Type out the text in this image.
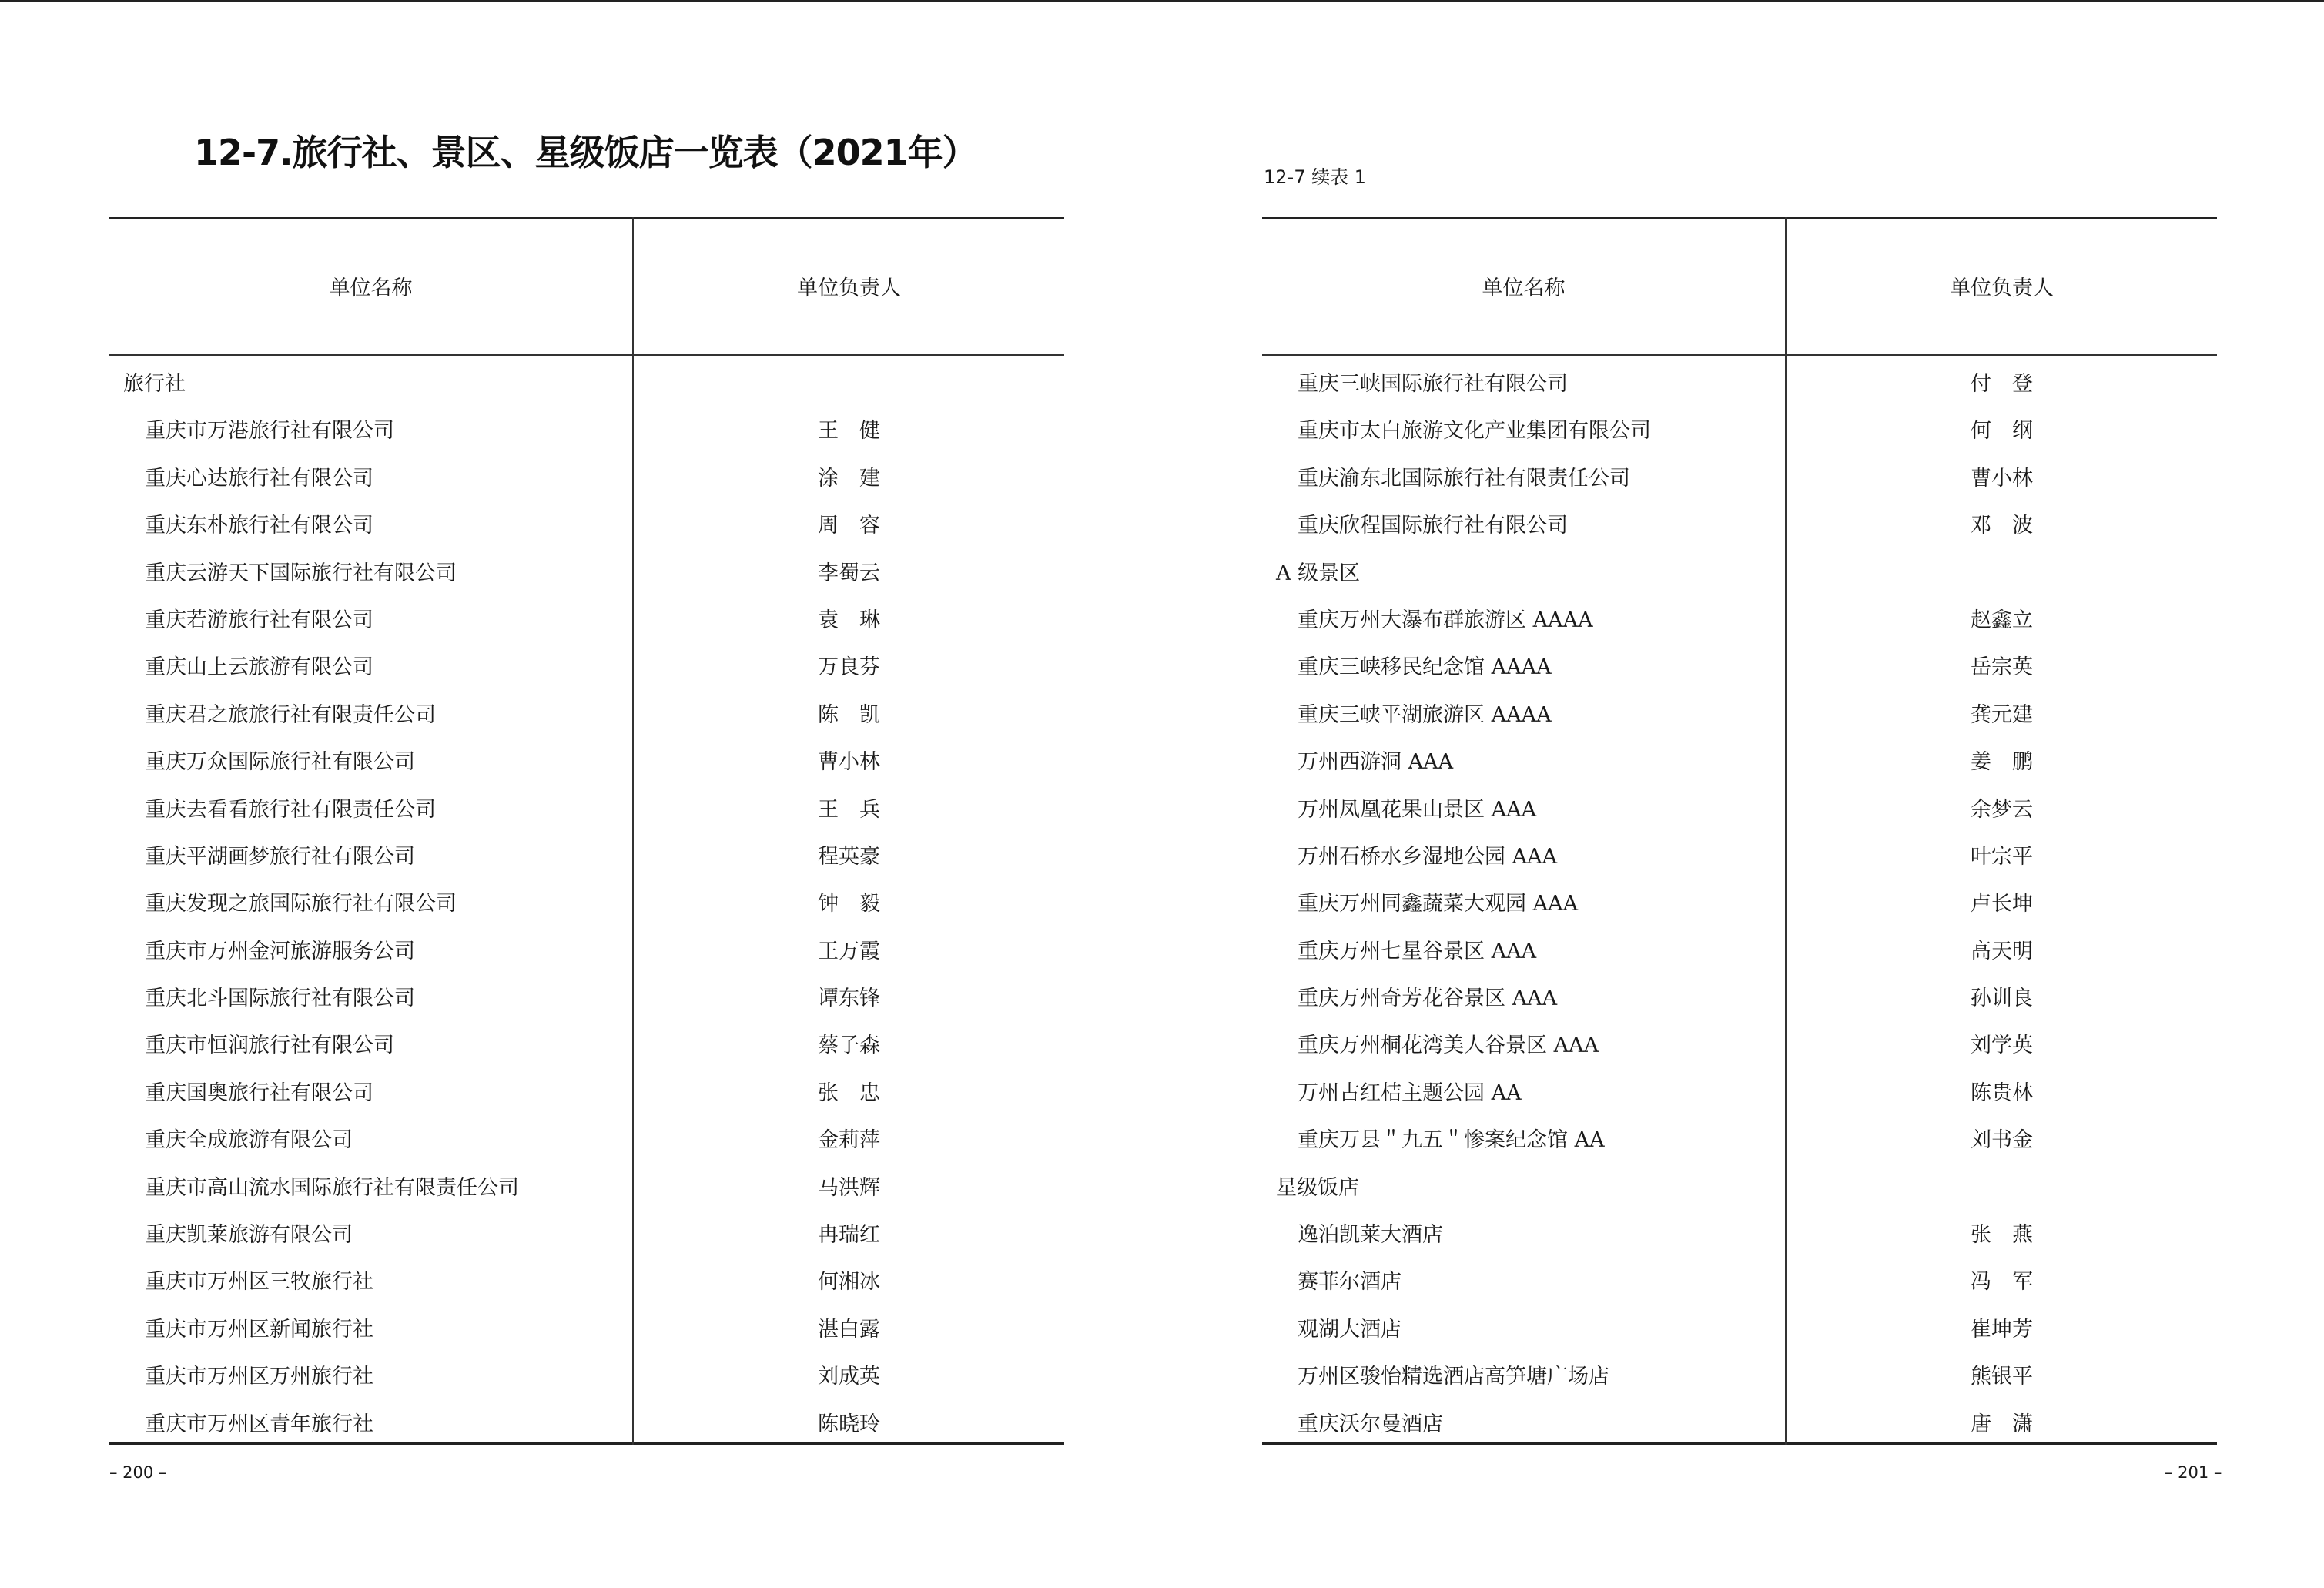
12-7.旅行社、景区、星级饭店一览表（2021年）
单位名称	单位负责人
旅行社
重庆市万港旅行社有限公司	王　健
重庆心达旅行社有限公司	涂　建
重庆东朴旅行社有限公司	周　容
重庆云游天下国际旅行社有限公司	李蜀云
重庆若游旅行社有限公司	袁　琳
重庆山上云旅游有限公司	万良芬
重庆君之旅旅行社有限责任公司	陈　凯
重庆万众国际旅行社有限公司	曹小林
重庆去看看旅行社有限责任公司	王　兵
重庆平湖画梦旅行社有限公司	程英豪
重庆发现之旅国际旅行社有限公司	钟　毅
重庆市万州金河旅游服务公司	王万霞
重庆北斗国际旅行社有限公司	谭东锋
重庆市恒润旅行社有限公司	蔡子森
重庆国奥旅行社有限公司	张　忠
重庆全成旅游有限公司	金莉萍
重庆市高山流水国际旅行社有限责任公司	马洪辉
重庆凯莱旅游有限公司	冉瑞红
重庆市万州区三牧旅行社	何湘冰
重庆市万州区新闻旅行社	湛白露
重庆市万州区万州旅行社	刘成英
重庆市万州区青年旅行社	陈晓玲
– 200 –
12-7 续表 1
单位名称	单位负责人
重庆三峡国际旅行社有限公司	付　登
重庆市太白旅游文化产业集团有限公司	何　纲
重庆渝东北国际旅行社有限责任公司	曹小林
重庆欣程国际旅行社有限公司	邓　波
A 级景区
重庆万州大瀑布群旅游区 AAAA	赵鑫立
重庆三峡移民纪念馆 AAAA	岳宗英
重庆三峡平湖旅游区 AAAA	龚元建
万州西游洞 AAA	姜　鹏
万州凤凰花果山景区 AAA	余梦云
万州石桥水乡湿地公园 AAA	叶宗平
重庆万州同鑫蔬菜大观园 AAA	卢长坤
重庆万州七星谷景区 AAA	高天明
重庆万州奇芳花谷景区 AAA	孙训良
重庆万州桐花湾美人谷景区 AAA	刘学英
万州古红桔主题公园 AA	陈贵林
重庆万县＂九五＂惨案纪念馆 AA	刘书金
星级饭店
逸泊凯莱大酒店	张　燕
赛菲尔酒店	冯　军
观湖大酒店	崔坤芳
万州区骏怡精选酒店高笋塘广场店	熊银平
重庆沃尔曼酒店	唐　潇
– 201 –
